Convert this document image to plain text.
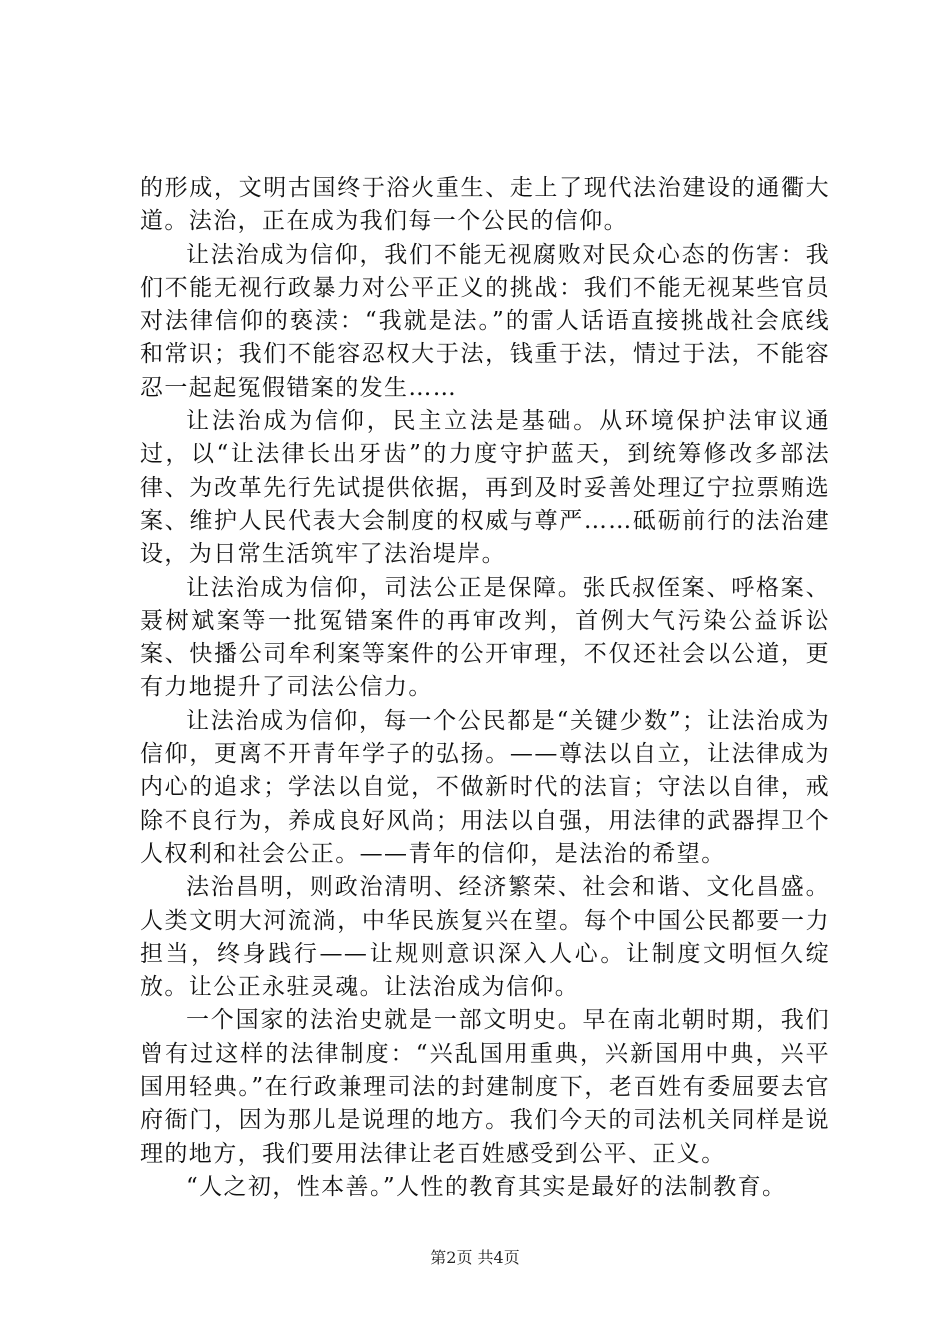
的形成，文明古国终于浴火重生、走上了现代法治建设的通衢大道。法治，正在成为我们每一个公民的信仰。

让法治成为信仰，我们不能无视腐败对民众心态的伤害：我们不能无视行政暴力对公平正义的挑战：我们不能无视某些官员对法律信仰的亵渎：“我就是法。”的雷人话语直接挑战社会底线和常识；我们不能容忍权大于法，钱重于法，情过于法，不能容忍一起起冤假错案的发生……

让法治成为信仰，民主立法是基础。从环境保护法审议通过，以“让法律长出牙齿”的力度守护蓝天，到统筹修改多部法律、为改革先行先试提供依据，再到及时妥善处理辽宁拉票贿选案、维护人民代表大会制度的权威与尊严……砥砺前行的法治建设，为日常生活筑牢了法治堤岸。

让法治成为信仰，司法公正是保障。张氏叔侄案、呼格案、聂树斌案等一批冤错案件的再审改判，首例大气污染公益诉讼案、快播公司牟利案等案件的公开审理，不仅还社会以公道，更有力地提升了司法公信力。

让法治成为信仰，每一个公民都是“关键少数”；让法治成为信仰，更离不开青年学子的弘扬。——尊法以自立，让法律成为内心的追求；学法以自觉，不做新时代的法盲；守法以自律，戒除不良行为，养成良好风尚；用法以自强，用法律的武器捍卫个人权利和社会公正。——青年的信仰，是法治的希望。

法治昌明，则政治清明、经济繁荣、社会和谐、文化昌盛。人类文明大河流淌，中华民族复兴在望。每个中国公民都要一力担当，终身践行——让规则意识深入人心。让制度文明恒久绽放。让公正永驻灵魂。让法治成为信仰。

一个国家的法治史就是一部文明史。早在南北朝时期，我们曾有过这样的法律制度：“兴乱国用重典，兴新国用中典，兴平国用轻典。”在行政兼理司法的封建制度下，老百姓有委屈要去官府衙门，因为那儿是说理的地方。我们今天的司法机关同样是说理的地方，我们要用法律让老百姓感受到公平、正义。

“人之初，性本善。”人性的教育其实是最好的法制教育。

第2页 共4页
